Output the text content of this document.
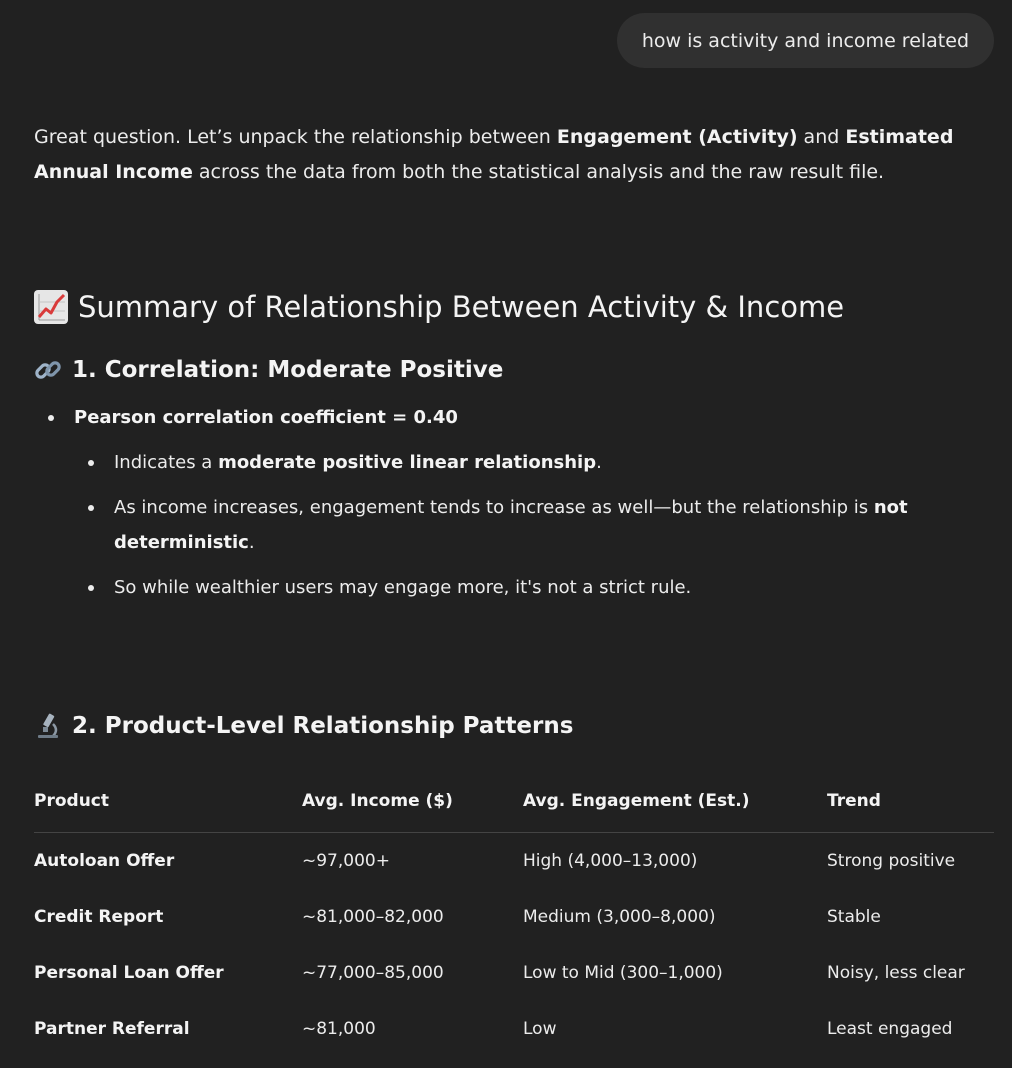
how is activity and income related

Great question. Let’s unpack the relationship between Engagement (Activity) and Estimated Annual Income across the data from both the statistical analysis and the raw result file.

Summary of Relationship Between Activity & Income
1. Correlation: Moderate Positive
Pearson correlation coefficient = 0.40
Indicates a moderate positive linear relationship.
As income increases, engagement tends to increase as well—but the relationship is not deterministic.
So while wealthier users may engage more, it's not a strict rule.
2. Product-Level Relationship Patterns
Product	Avg. Income ($)	Avg. Engagement (Est.)	Trend
Autoloan Offer	~97,000+	High (4,000–13,000)	Strong positive
Credit Report	~81,000–82,000	Medium (3,000–8,000)	Stable
Personal Loan Offer	~77,000–85,000	Low to Mid (300–1,000)	Noisy, less clear
Partner Referral	~81,000	Low	Least engaged
